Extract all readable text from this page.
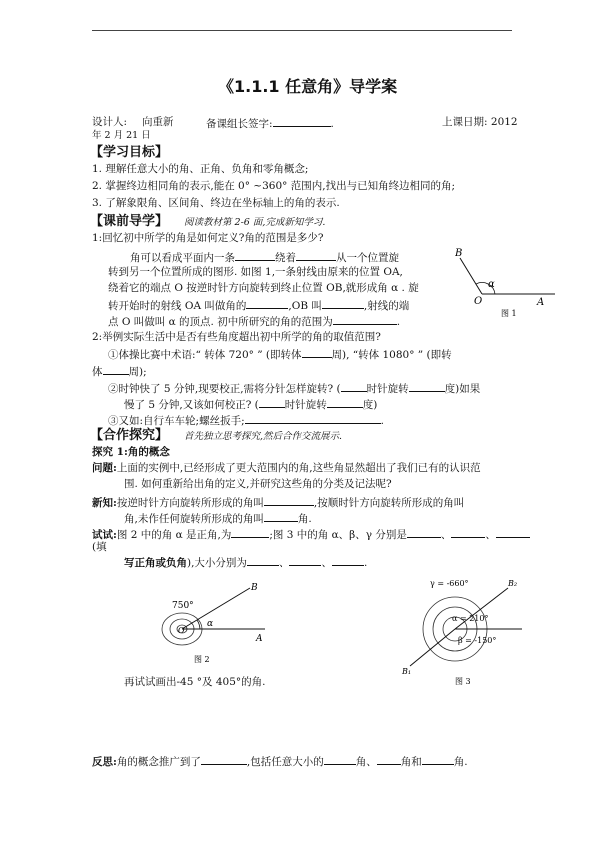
《1.1.1 任意角》导学案
设计人: 向重新	备课组长签字:	.	上课日期: 2012
年 2 月 21 日
【学习目标】
1. 理解任意大小的角、正角、负角和零角概念;
2. 掌握终边相同角的表示,能在 0° ~360° 范围内,找出与已知角终边相同的角;
3. 了解象限角、区间角、终边在坐标轴上的角的表示.
【课前导学】 阅读教材第 2-6 面,完成新知学习.
1:回忆初中所学的角是如何定义?角的范围是多少?
角可以看成平面内一条	绕着	从一个位置旋
转到另一个位置所成的图形. 如图 1,一条射线由原来的位置 OA,
绕着它的端点 O 按逆时针方向旋转到终止位置 OB,就形成角 α . 旋
转开始时的射线 OA 叫做角的	,OB 叫	,射线的端
点 O 叫做叫 α 的顶点. 初中所研究的角的范围为	.
B
α
O	A
图 1
2:举例实际生活中是否有些角度超出初中所学的角的取值范围?
①体操比赛中术语:“ 转体 720° ” (即转体	周), “转体 1080° ” (即转
体 周);
②时钟快了 5 分钟,现要校正,需将分针怎样旋转? ( 时针旋转	度)如果
慢了 5 分钟,又该如何校正? ( 时针旋转	度)
③又如:自行车车轮;螺丝扳手;	.
【合作探究】 首先独立思考探究,然后合作交流展示.
探究 1:角的概念
问题:上面的实例中,已经形成了更大范围内的角,这些角显然超出了我们已有的认识范
围. 如何重新给出角的定义,并研究这些角的分类及记法呢?
新知:按逆时针方向旋转所形成的角叫	,按顺时针方向旋转所形成的角叫
角,未作任何旋转所形成的角叫	角.
试试:图 2 中的角 α 是正角,为	;图 3 中的角 α、β、γ 分别是	、	、
(填
写正角或负角),大小分别为	、	、	.
750°
α
O
A
B
图 2
γ = -660°
α = 210°
β = -150°
B₂
B₁
图 3
再试试画出-45 °及 405°的角.
反思:角的概念推广到了	,包括任意大小的	角、 角和	角.
